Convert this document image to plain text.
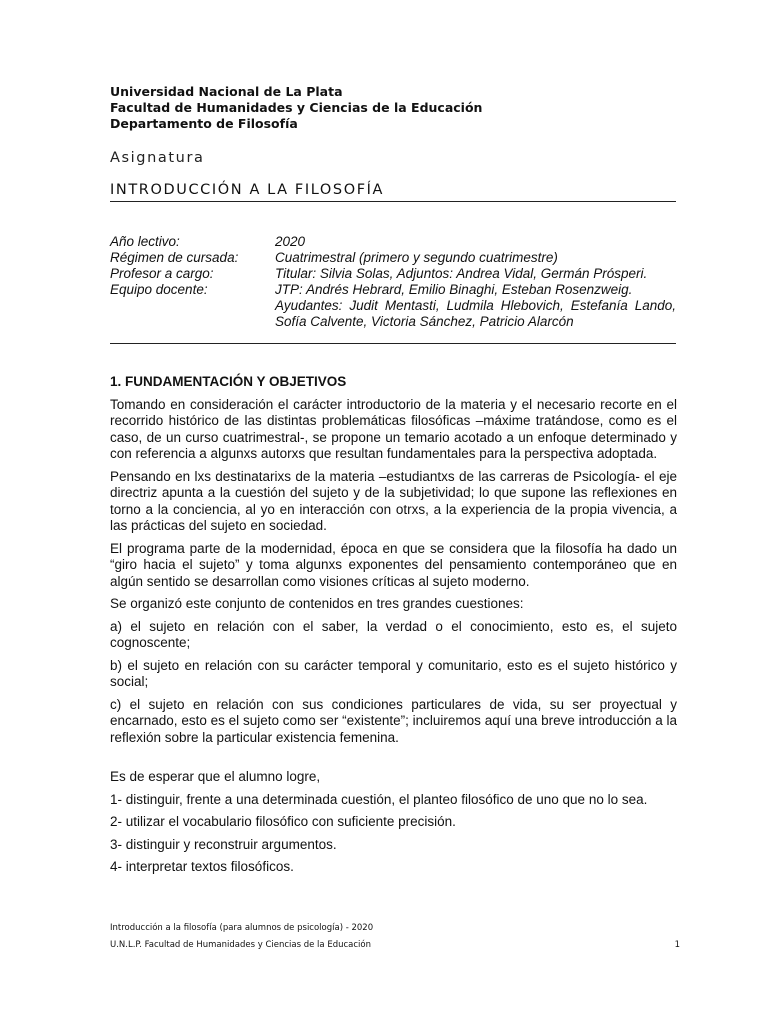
Universidad Nacional de La Plata
Facultad de Humanidades y Ciencias de la Educación
Departamento de Filosofía
Asignatura
INTRODUCCIÓN A LA FILOSOFÍA
Año lectivo:	2020
Régimen de cursada:	Cuatrimestral (primero y segundo cuatrimestre)
Profesor a cargo:	Titular: Silvia Solas, Adjuntos: Andrea Vidal, Germán Prósperi.
Equipo docente:	JTP: Andrés Hebrard, Emilio Binaghi, Esteban Rosenzweig.
Ayudantes: Judit Mentasti, Ludmila Hlebovich, Estefanía Lando, Sofía Calvente, Victoria Sánchez, Patricio Alarcón
1. FUNDAMENTACIÓN Y OBJETIVOS

Tomando en consideración el carácter introductorio de la materia y el necesario recorte en el recorrido histórico de las distintas problemáticas filosóficas –máxime tratándose, como es el caso, de un curso cuatrimestral-, se propone un temario acotado a un enfoque determinado y con referencia a algunxs autorxs que resultan fundamentales para la perspectiva adoptada.

Pensando en lxs destinatarixs de la materia –estudiantxs de las carreras de Psicología- el eje directriz apunta a la cuestión del sujeto y de la subjetividad; lo que supone las reflexiones en torno a la conciencia, al yo en interacción con otrxs, a la experiencia de la propia vivencia, a las prácticas del sujeto en sociedad.

El programa parte de la modernidad, época en que se considera que la filosofía ha dado un “giro hacia el sujeto” y toma algunxs exponentes del pensamiento contemporáneo que en algún sentido se desarrollan como visiones críticas al sujeto moderno.

Se organizó este conjunto de contenidos en tres grandes cuestiones:

a) el sujeto en relación con el saber, la verdad o el conocimiento, esto es, el sujeto cognoscente;

b) el sujeto en relación con su carácter temporal y comunitario, esto es el sujeto histórico y social;

c) el sujeto en relación con sus condiciones particulares de vida, su ser proyectual y encarnado, esto es el sujeto como ser “existente”; incluiremos aquí una breve introducción a la reflexión sobre la particular existencia femenina.

Es de esperar que el alumno logre,

1- distinguir, frente a una determinada cuestión, el planteo filosófico de uno que no lo sea.

2- utilizar el vocabulario filosófico con suficiente precisión.

3- distinguir y reconstruir argumentos.

4- interpretar textos filosóficos.

Introducción a la filosofía (para alumnos de psicología) - 2020
U.N.L.P. Facultad de Humanidades y Ciencias de la Educación	1
